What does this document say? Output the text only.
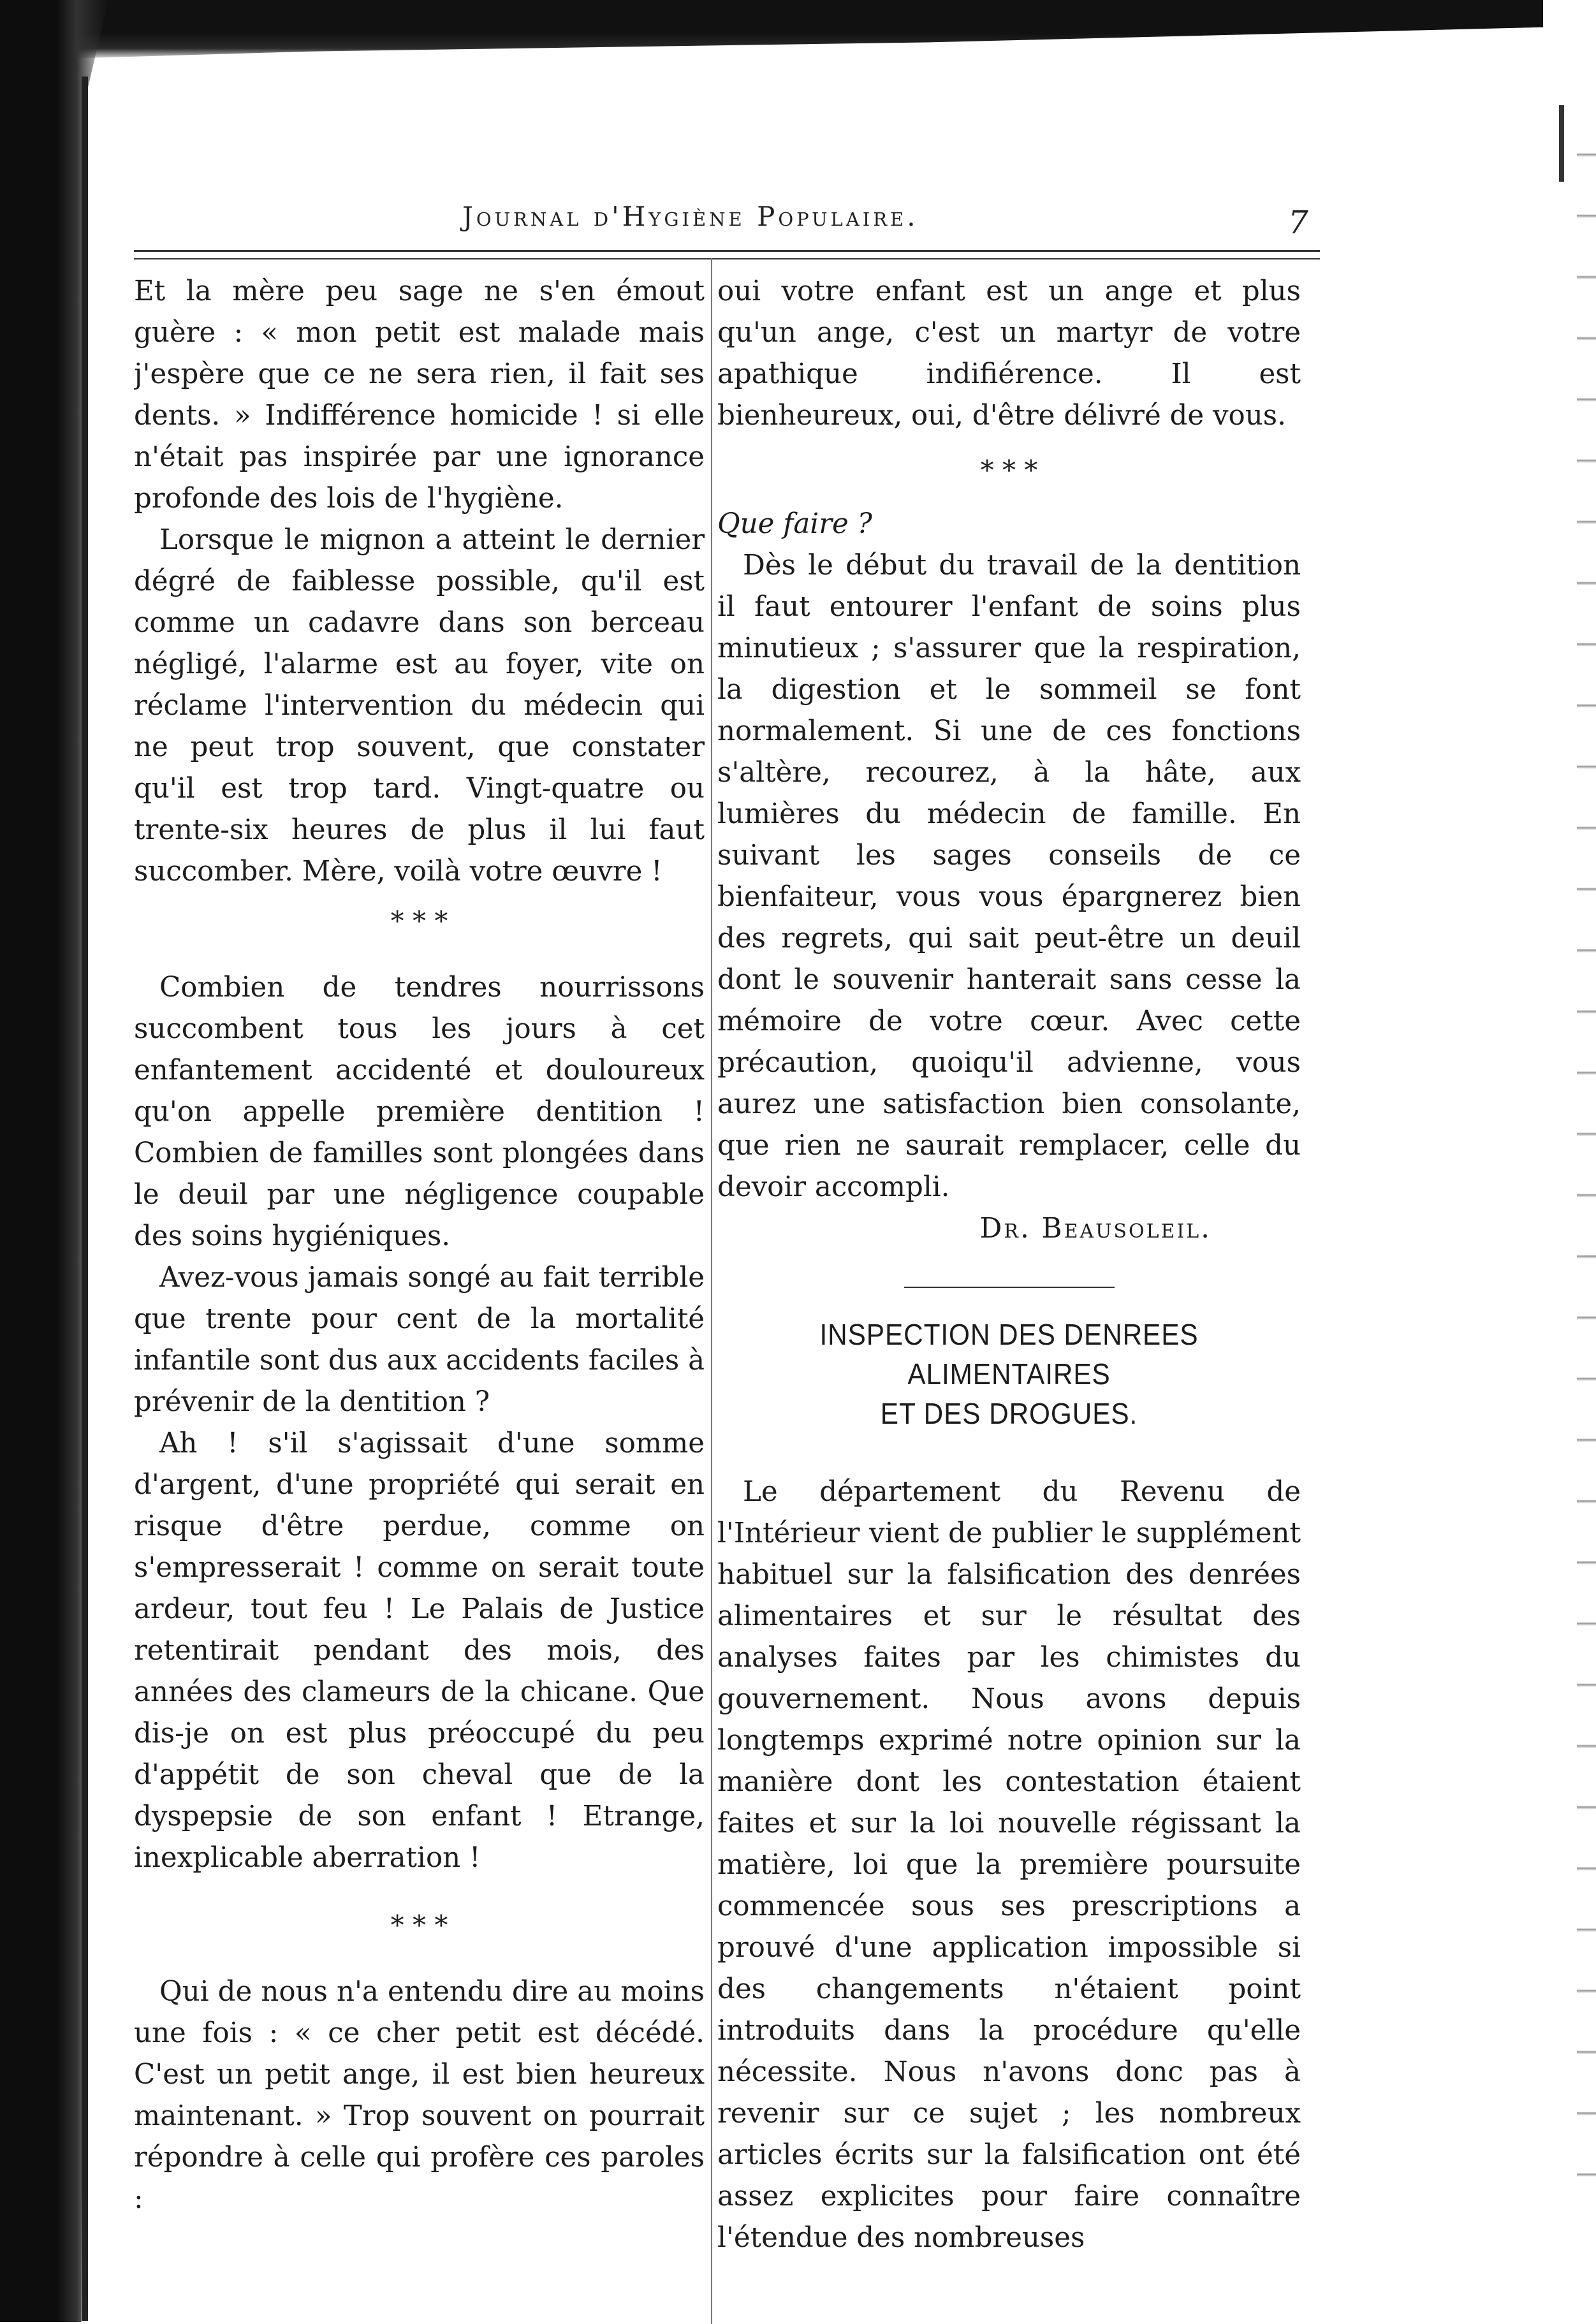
Journal d'Hygiène Populaire.	7

Et la mère peu sage ne s'en émout guère : « mon petit est malade mais j'espère que ce ne sera rien, il fait ses dents. » Indifférence homicide ! si elle n'était pas inspirée par une ignorance profonde des lois de l'hygiène.

Lorsque le mignon a atteint le dernier dégré de faiblesse possible, qu'il est comme un cadavre dans son berceau négligé, l'alarme est au foyer, vite on réclame l'intervention du médecin qui ne peut trop souvent, que constater qu'il est trop tard. Vingt-quatre ou trente-six heures de plus il lui faut succomber. Mère, voilà votre œuvre !

* * *

Combien de tendres nourrissons succombent tous les jours à cet enfantement accidenté et douloureux qu'on appelle première dentition ! Combien de familles sont plongées dans le deuil par une négligence coupable des soins hygiéniques.

Avez-vous jamais songé au fait terrible que trente pour cent de la mortalité infantile sont dus aux accidents faciles à prévenir de la dentition ?

Ah ! s'il s'agissait d'une somme d'argent, d'une propriété qui serait en risque d'être perdue, comme on s'empresserait ! comme on serait toute ardeur, tout feu ! Le Palais de Justice retentirait pendant des mois, des années des clameurs de la chicane. Que dis-je on est plus préoccupé du peu d'appétit de son cheval que de la dyspepsie de son enfant ! Etrange, inexplicable aberration !

* * *

Qui de nous n'a entendu dire au moins une fois : « ce cher petit est décédé. C'est un petit ange, il est bien heureux maintenant. » Trop souvent on pourrait répondre à celle qui profère ces paroles :

oui votre enfant est un ange et plus qu'un ange, c'est un martyr de votre apathique indifiérence. Il est bienheureux, oui, d'être délivré de vous.

* * *

Que faire ?

Dès le début du travail de la dentition il faut entourer l'enfant de soins plus minutieux ; s'assurer que la respiration, la digestion et le sommeil se font normalement. Si une de ces fonctions s'altère, recourez, à la hâte, aux lumières du médecin de famille. En suivant les sages conseils de ce bienfaiteur, vous vous épargnerez bien des regrets, qui sait peut-être un deuil dont le souvenir hanterait sans cesse la mémoire de votre cœur. Avec cette précaution, quoiqu'il advienne, vous aurez une satisfaction bien consolante, que rien ne saurait remplacer, celle du devoir accompli.

Dr. Beausoleil.

INSPECTION DES DENREES ALIMENTAIRES
ET DES DROGUES.

Le département du Revenu de l'Intérieur vient de publier le supplément habituel sur la falsification des denrées alimentaires et sur le résultat des analyses faites par les chimistes du gouvernement. Nous avons depuis longtemps exprimé notre opinion sur la manière dont les contestation étaient faites et sur la loi nouvelle régissant la matière, loi que la première poursuite commencée sous ses prescriptions a prouvé d'une application impossible si des changements n'étaient point introduits dans la procédure qu'elle nécessite. Nous n'avons donc pas à revenir sur ce sujet ; les nombreux articles écrits sur la falsification ont été assez explicites pour faire connaître l'étendue des nombreuses
